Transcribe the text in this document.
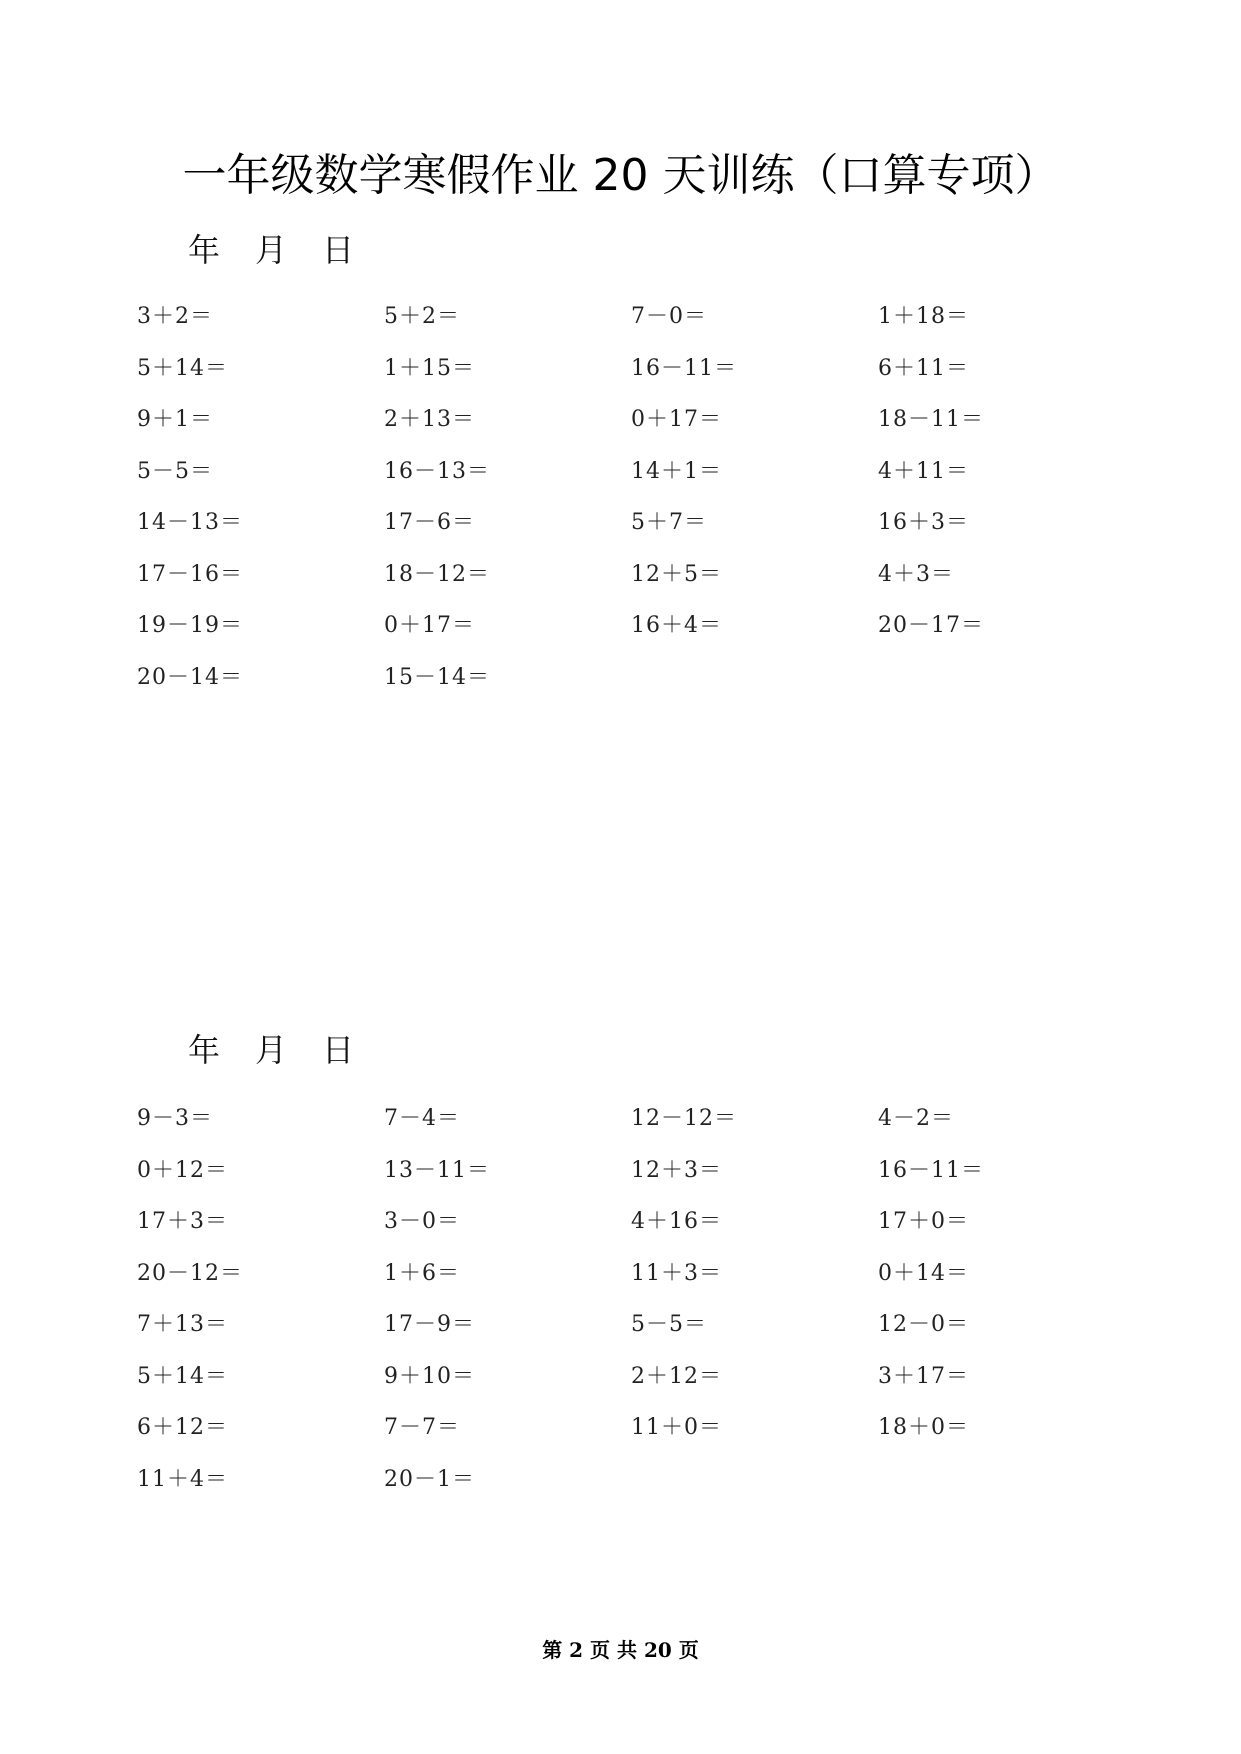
一年级数学寒假作业 20 天训练（口算专项）
年 月 日
3＋2＝	5＋2＝	7－0＝	1＋18＝
5＋14＝	1＋15＝	16－11＝	6＋11＝
9＋1＝	2＋13＝	0＋17＝	18－11＝
5－5＝	16－13＝	14＋1＝	4＋11＝
14－13＝	17－6＝	5＋7＝	16＋3＝
17－16＝	18－12＝	12＋5＝	4＋3＝
19－19＝	0＋17＝	16＋4＝	20－17＝
20－14＝	15－14＝
年 月 日
9－3＝	7－4＝	12－12＝	4－2＝
0＋12＝	13－11＝	12＋3＝	16－11＝
17＋3＝	3－0＝	4＋16＝	17＋0＝
20－12＝	1＋6＝	11＋3＝	0＋14＝
7＋13＝	17－9＝	5－5＝	12－0＝
5＋14＝	9＋10＝	2＋12＝	3＋17＝
6＋12＝	7－7＝	11＋0＝	18＋0＝
11＋4＝	20－1＝
第 2 页 共 20 页
